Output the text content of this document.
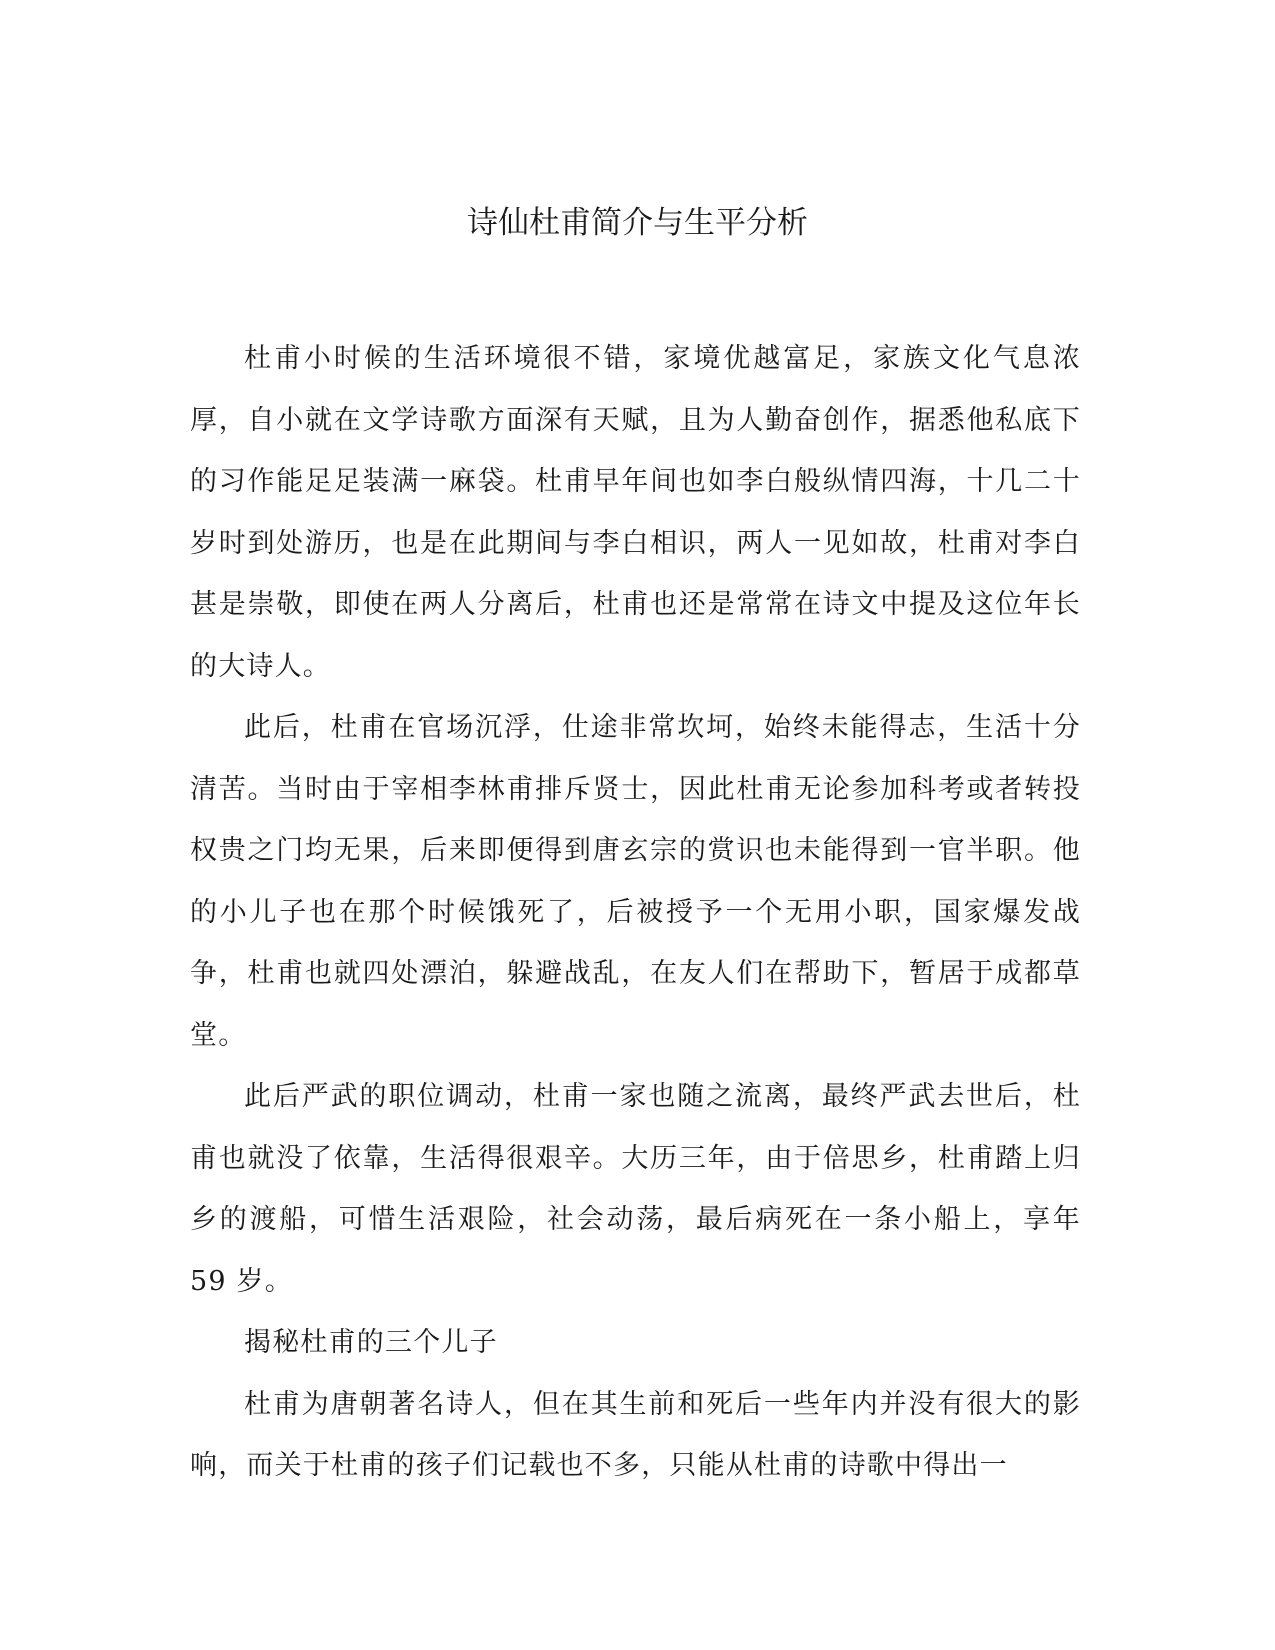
诗仙杜甫简介与生平分析

杜甫小时候的生活环境很不错，家境优越富足，家族文化气息浓厚，自小就在文学诗歌方面深有天赋，且为人勤奋创作，据悉他私底下的习作能足足装满一麻袋。杜甫早年间也如李白般纵情四海，十几二十岁时到处游历，也是在此期间与李白相识，两人一见如故，杜甫对李白甚是崇敬，即使在两人分离后，杜甫也还是常常在诗文中提及这位年长的大诗人。

此后，杜甫在官场沉浮，仕途非常坎坷，始终未能得志，生活十分清苦。当时由于宰相李林甫排斥贤士，因此杜甫无论参加科考或者转投权贵之门均无果，后来即便得到唐玄宗的赏识也未能得到一官半职。他的小儿子也在那个时候饿死了，后被授予一个无用小职，国家爆发战争，杜甫也就四处漂泊，躲避战乱，在友人们在帮助下，暂居于成都草堂。

此后严武的职位调动，杜甫一家也随之流离，最终严武去世后，杜甫也就没了依靠，生活得很艰辛。大历三年，由于倍思乡，杜甫踏上归乡的渡船，可惜生活艰险，社会动荡，最后病死在一条小船上，享年 59 岁。

揭秘杜甫的三个儿子

杜甫为唐朝著名诗人，但在其生前和死后一些年内并没有很大的影响，而关于杜甫的孩子们记载也不多，只能从杜甫的诗歌中得出一
